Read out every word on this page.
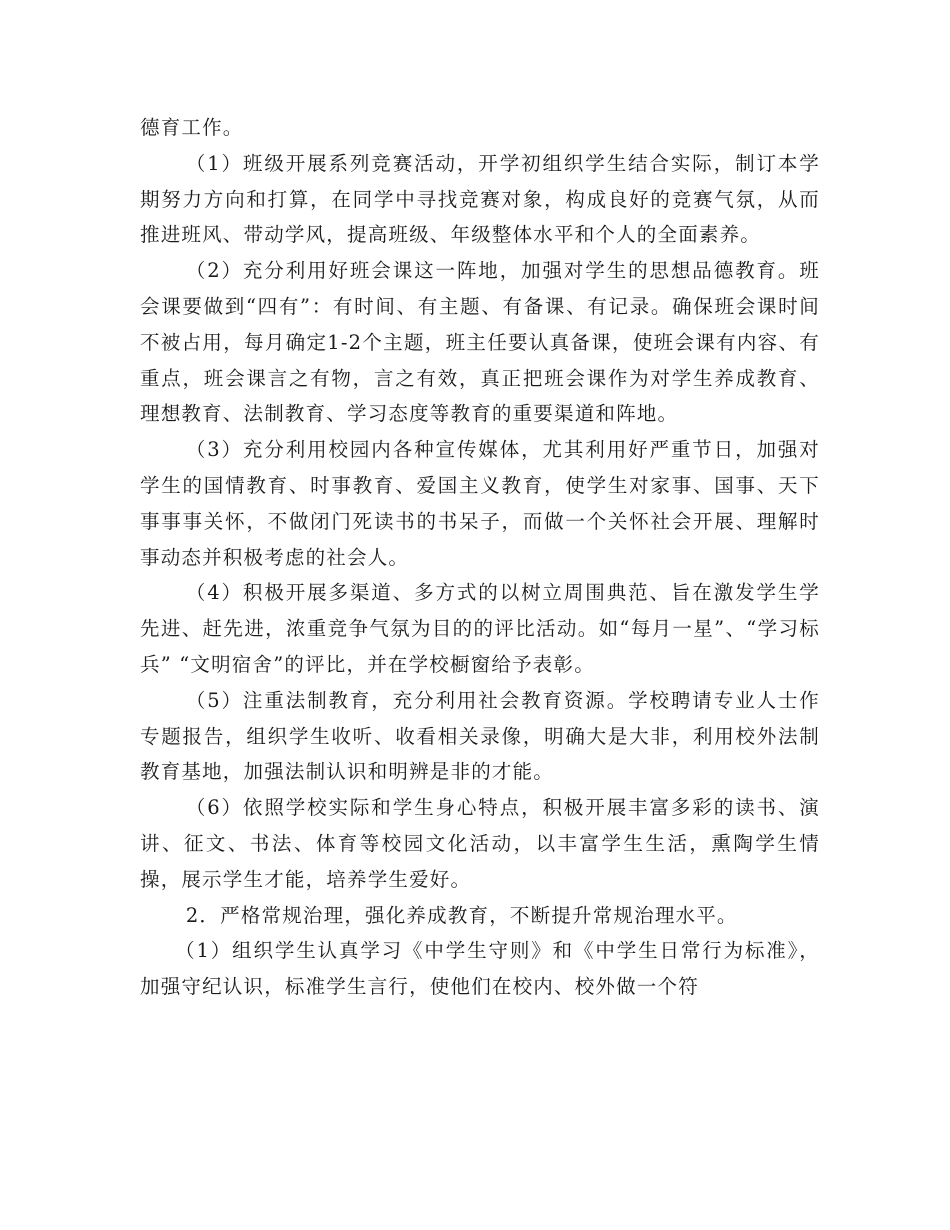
德育工作。

（1）班级开展系列竞赛活动，开学初组织学生结合实际，制订本学期努力方向和打算，在同学中寻找竞赛对象，构成良好的竞赛气氛，从而推进班风、带动学风，提高班级、年级整体水平和个人的全面素养。

（2）充分利用好班会课这一阵地，加强对学生的思想品德教育。班会课要做到“四有”：有时间、有主题、有备课、有记录。确保班会课时间不被占用，每月确定1-2个主题，班主任要认真备课，使班会课有内容、有重点，班会课言之有物，言之有效，真正把班会课作为对学生养成教育、理想教育、法制教育、学习态度等教育的重要渠道和阵地。

（3）充分利用校园内各种宣传媒体，尤其利用好严重节日，加强对学生的国情教育、时事教育、爱国主义教育，使学生对家事、国事、天下事事事关怀，不做闭门死读书的书呆子，而做一个关怀社会开展、理解时事动态并积极考虑的社会人。

（4）积极开展多渠道、多方式的以树立周围典范、旨在激发学生学先进、赶先进，浓重竞争气氛为目的的评比活动。如“每月一星”、“学习标兵” “文明宿舍”的评比，并在学校橱窗给予表彰。

（5）注重法制教育，充分利用社会教育资源。学校聘请专业人士作专题报告，组织学生收听、收看相关录像，明确大是大非，利用校外法制教育基地，加强法制认识和明辨是非的才能。

（6）依照学校实际和学生身心特点，积极开展丰富多彩的读书、演讲、征文、书法、体育等校园文化活动，以丰富学生生活，熏陶学生情操，展示学生才能，培养学生爱好。

2．严格常规治理，强化养成教育，不断提升常规治理水平。

（1）组织学生认真学习《中学生守则》和《中学生日常行为标准》，加强守纪认识，标准学生言行，使他们在校内、校外做一个符
